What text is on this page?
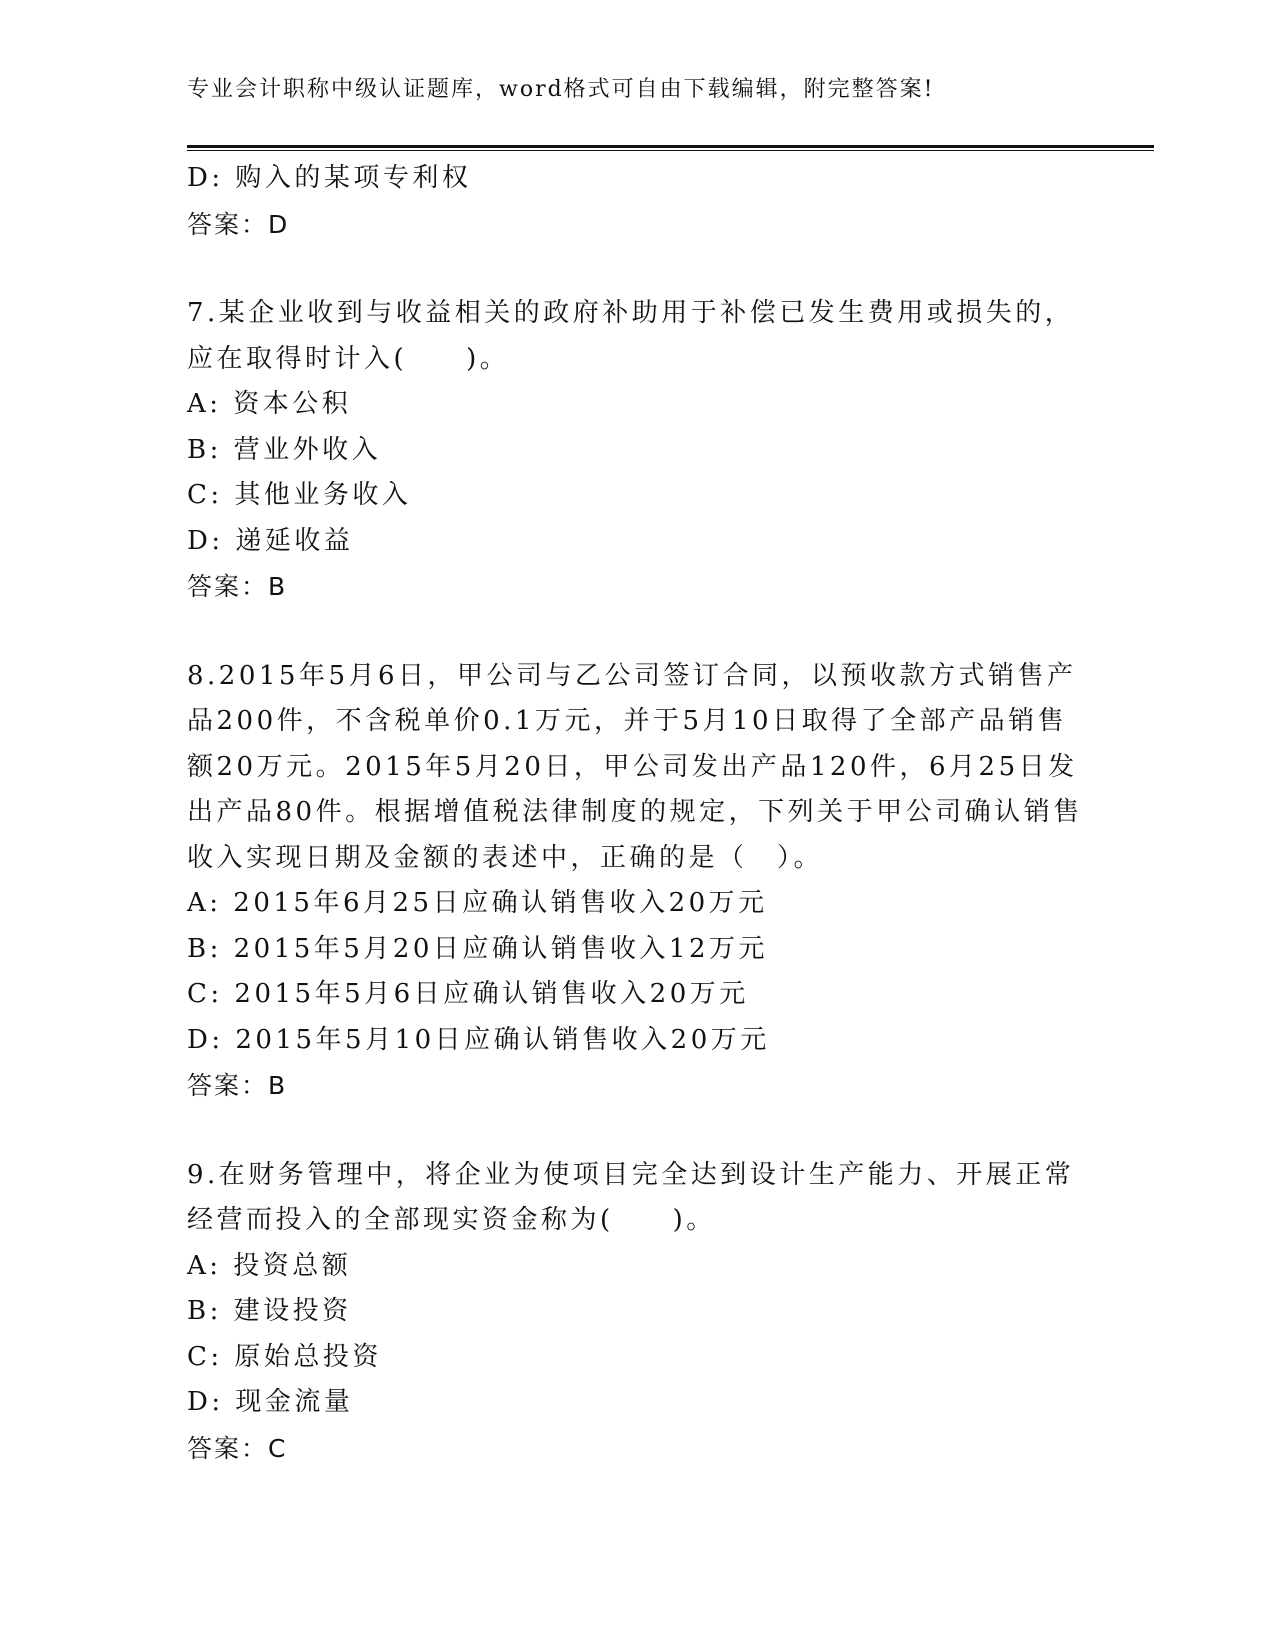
专业会计职称中级认证题库，word格式可自由下载编辑，附完整答案!
D: 购入的某项专利权
答案：D
7.某企业收到与收益相关的政府补助用于补偿已发生费用或损失的，
应在取得时计入(　　)。
A: 资本公积
B: 营业外收入
C: 其他业务收入
D: 递延收益
答案：B
8.2015年5月6日，甲公司与乙公司签订合同，以预收款方式销售产
品200件，不含税单价0.1万元，并于5月10日取得了全部产品销售
额20万元。2015年5月20日，甲公司发出产品120件，6月25日发
出产品80件。根据增值税法律制度的规定，下列关于甲公司确认销售
收入实现日期及金额的表述中，正确的是（　）。
A: 2015年6月25日应确认销售收入20万元
B: 2015年5月20日应确认销售收入12万元
C: 2015年5月6日应确认销售收入20万元
D: 2015年5月10日应确认销售收入20万元
答案：B
9.在财务管理中，将企业为使项目完全达到设计生产能力、开展正常
经营而投入的全部现实资金称为(　　)。
A: 投资总额
B: 建设投资
C: 原始总投资
D: 现金流量
答案：C
